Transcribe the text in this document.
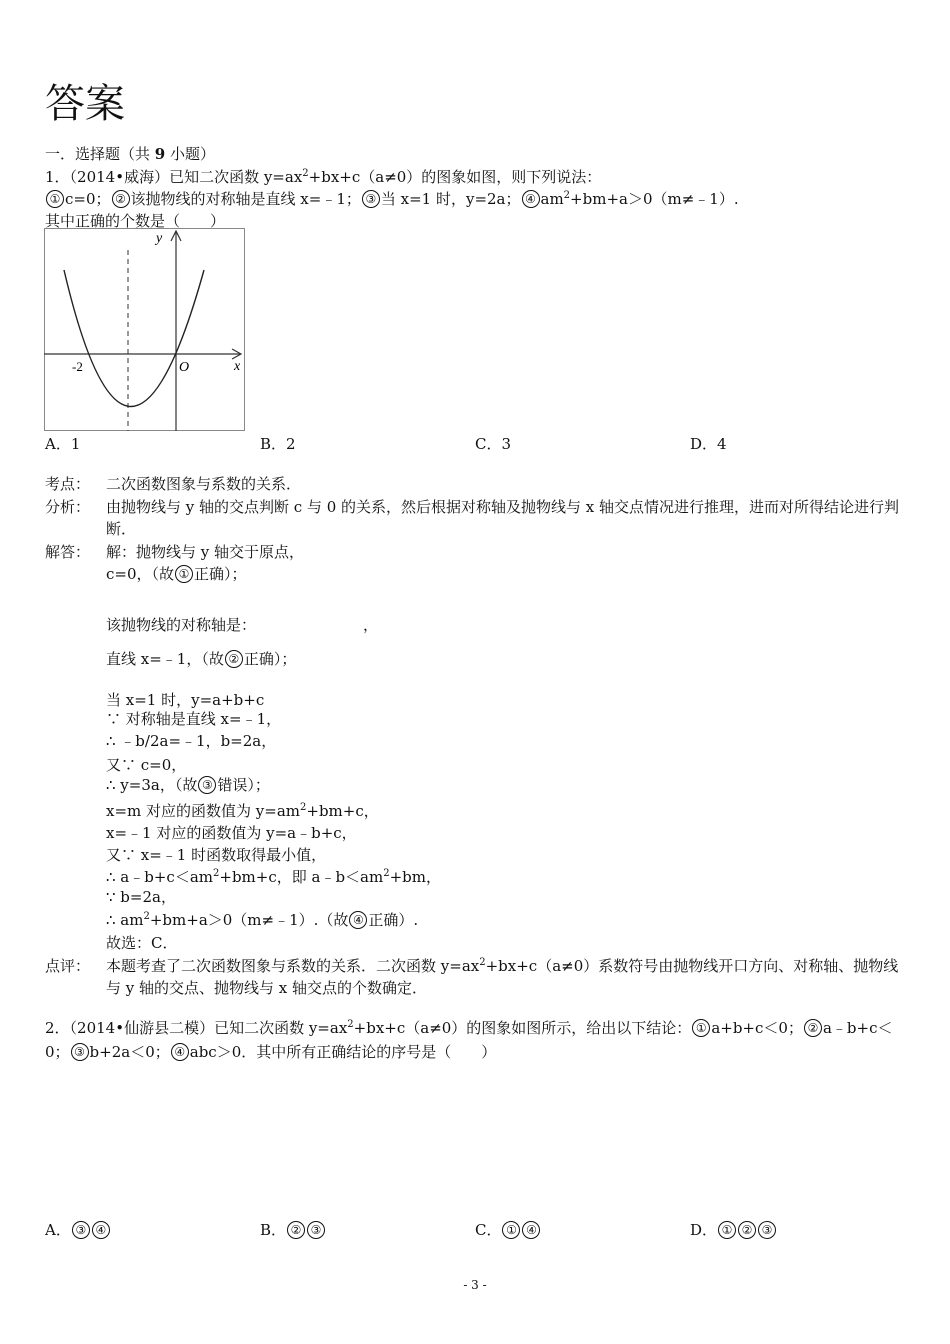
答案
一．选择题（共 9 小题）
1．（2014•威海）已知二次函数 $y=ax^2+bx+c(a\ne 0)$的图象如图，则下列说法：
① c=0； ② 该抛物线的对称轴是直线 x=﹣1； ③ 当 x=1 时，y=2a； ④ $am^2+bm+a>0(m\ne﹣1)$.
其中正确的个数是（　　）
y
x
O
-2
A．1	B．2	C．3	D．4
考点： 二次函数图象与系数的关系．
分析： 由抛物线与 y 轴的交点判断 c 与 0 的关系，然后根据对称轴及抛物线与 x 轴交点情况进行推理，进而对所得结论进行判断．
解答： 解：抛物线与 y 轴交于原点，
c=0，（故 ① 正确）；
该抛物线的对称轴是：	，
直线 x=﹣1，（故 ② 正确）；
当 x=1 时，y=a+b+c
∵ 对称轴是直线 x=﹣1，
∴ ﹣b/2a=﹣1，b=2a，
又∵ c=0，
∴ y=3a，（故 ③ 错误）；
x=m 对应的函数值为 $y=am^2+bm+c$，
x=﹣1 对应的函数值为 y=a﹣b+c，
又∵ x=﹣1 时函数取得最小值，
∴ $a﹣b+c<am^2+bm+c$，即 $a﹣b<am^2+bm$，
∵ b=2a，
∴ $am^2+bm+a>0(m\ne﹣1)$.（故 ④ 正确）.
故选：C．
点评： 本题考查了二次函数图象与系数的关系．二次函数 $y=ax^2+bx+c(a\ne 0)$系数符号由抛物线开口方向、对称轴、抛物线与 y 轴的交点、抛物线与 x 轴交点的个数确定．
2．（2014•仙游县二模）已知二次函数 $y=ax^2+bx+c(a\ne 0)$的图象如图所示，给出以下结论： ① a+b+c＜0； ② a﹣b+c＜0； ③ b+2a＜0； ④ abc＞0．其中所有正确结论的序号是（　　）
A． ③ ④	B． ② ③	C． ① ④	D． ① ② ③
- 3 -
